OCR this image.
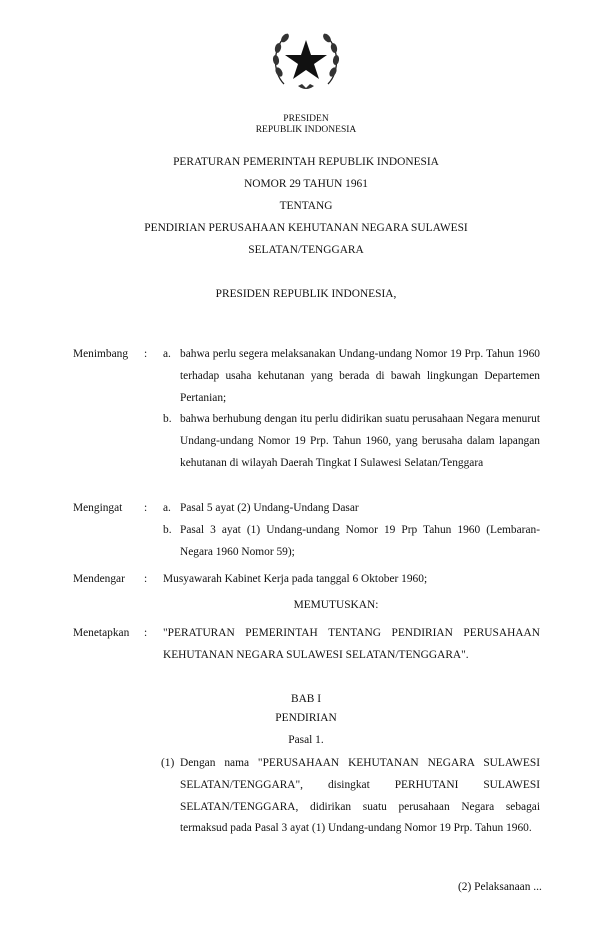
PRESIDEN
REPUBLIK INDONESIA
PERATURAN PEMERINTAH REPUBLIK INDONESIA
NOMOR 29 TAHUN 1961
TENTANG
PENDIRIAN PERUSAHAAN KEHUTANAN NEGARA SULAWESI
SELATAN/TENGGARA
PRESIDEN REPUBLIK INDONESIA,
Menimbang : a. bahwa perlu segera melaksanakan Undang-undang Nomor 19 Prp. Tahun 1960 terhadap usaha kehutanan yang berada di bawah lingkungan Departemen Pertanian;
b. bahwa berhubung dengan itu perlu didirikan suatu perusahaan Negara menurut Undang-undang Nomor 19 Prp. Tahun 1960, yang berusaha dalam lapangan kehutanan di wilayah Daerah Tingkat I Sulawesi Selatan/Tenggara
Mengingat : a. Pasal 5 ayat (2) Undang-Undang Dasar
b. Pasal 3 ayat (1) Undang-undang Nomor 19 Prp Tahun 1960 (Lembaran-Negara 1960 Nomor 59);
Mendengar : Musyawarah Kabinet Kerja pada tanggal 6 Oktober 1960;
MEMUTUSKAN:
Menetapkan : "PERATURAN PEMERINTAH TENTANG PENDIRIAN PERUSAHAAN KEHUTANAN NEGARA SULAWESI SELATAN/TENGGARA".
BAB I
PENDIRIAN
Pasal 1.
(1) Dengan nama "PERUSAHAAN KEHUTANAN NEGARA SULAWESI SELATAN/TENGGARA", disingkat PERHUTANI SULAWESI SELATAN/TENGGARA, didirikan suatu perusahaan Negara sebagai termaksud pada Pasal 3 ayat (1) Undang-undang Nomor 19 Prp. Tahun 1960.
(2) Pelaksanaan ...
